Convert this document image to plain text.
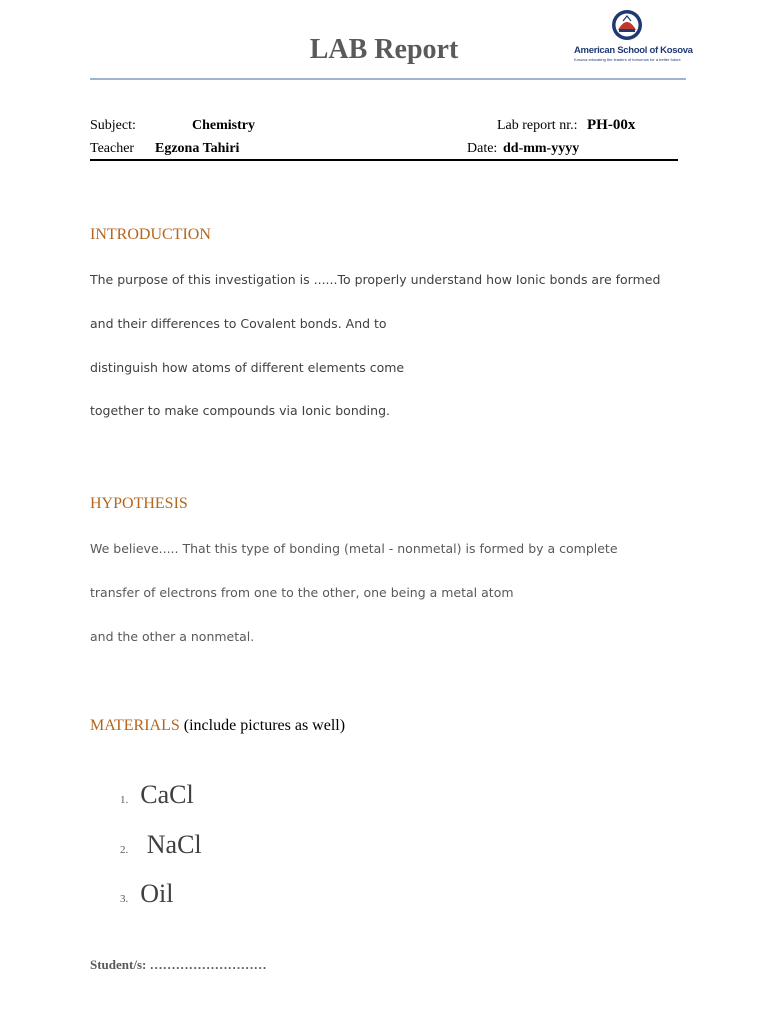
LAB Report	American School of Kosova
Kosova educating the leaders of tomorrow for a better future
Subject:	Chemistry	Lab report nr.: PH-00x
Teacher Egzona Tahiri	Date: dd-mm-yyyy
INTRODUCTION
The purpose of this investigation is ......To properly understand how Ionic bonds are formed
and their differences to Covalent bonds. And to
distinguish how atoms of different elements come
together to make compounds via Ionic bonding.
HYPOTHESIS
We believe..... That this type of bonding (metal - nonmetal) is formed by a complete
transfer of electrons from one to the other, one being a metal atom
and the other a nonmetal.
MATERIALS (include pictures as well)

1. CaCl

2.    NaCl

3. Oil

Student/s: ………………………
